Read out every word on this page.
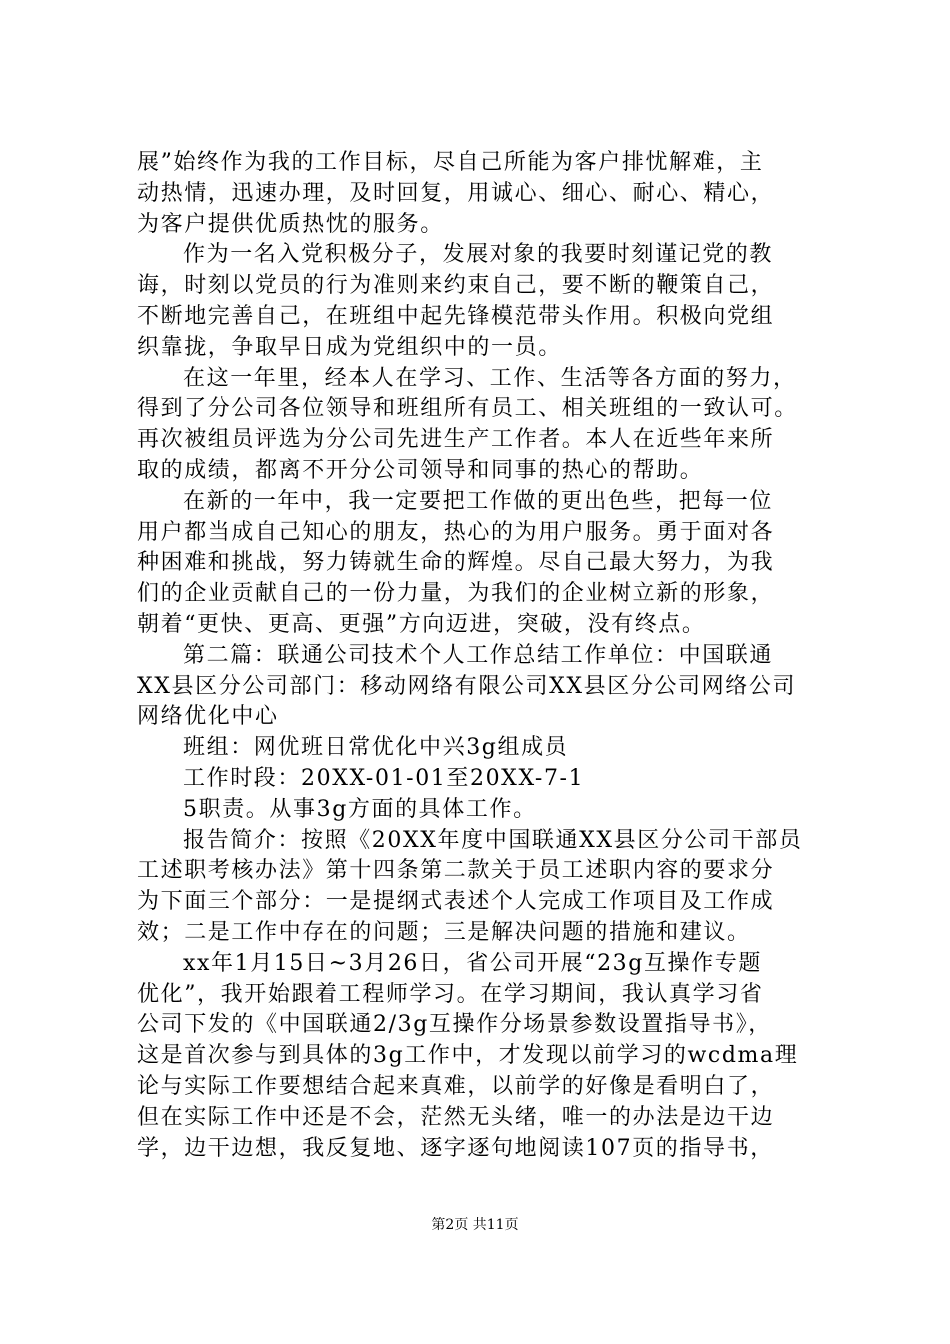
展”始终作为我的工作目标，尽自己所能为客户排忧解难，主
动热情，迅速办理，及时回复，用诚心、细心、耐心、精心，
为客户提供优质热忱的服务。
作为一名入党积极分子，发展对象的我要时刻谨记党的教
诲，时刻以党员的行为准则来约束自己，要不断的鞭策自己，
不断地完善自己，在班组中起先锋模范带头作用。积极向党组
织靠拢，争取早日成为党组织中的一员。
在这一年里，经本人在学习、工作、生活等各方面的努力，
得到了分公司各位领导和班组所有员工、相关班组的一致认可。
再次被组员评选为分公司先进生产工作者。本人在近些年来所
取的成绩，都离不开分公司领导和同事的热心的帮助。
在新的一年中，我一定要把工作做的更出色些，把每一位
用户都当成自己知心的朋友，热心的为用户服务。勇于面对各
种困难和挑战，努力铸就生命的辉煌。尽自己最大努力，为我
们的企业贡献自己的一份力量，为我们的企业树立新的形象，
朝着“更快、更高、更强”方向迈进，突破，没有终点。
第二篇：联通公司技术个人工作总结工作单位：中国联通
XX县区分公司部门：移动网络有限公司XX县区分公司网络公司
网络优化中心
班组：网优班日常优化中兴3g组成员
工作时段：20XX-01-01至20XX-7-1
5职责。从事3g方面的具体工作。
报告简介：按照《20XX年度中国联通XX县区分公司干部员
工述职考核办法》第十四条第二款关于员工述职内容的要求分
为下面三个部分：一是提纲式表述个人完成工作项目及工作成
效；二是工作中存在的问题；三是解决问题的措施和建议。
xx年1月15日~3月26日，省公司开展“23g互操作专题
优化”，我开始跟着工程师学习。在学习期间，我认真学习省
公司下发的《中国联通2/3g互操作分场景参数设置指导书》，
这是首次参与到具体的3g工作中，才发现以前学习的wcdma理
论与实际工作要想结合起来真难，以前学的好像是看明白了，
但在实际工作中还是不会，茫然无头绪，唯一的办法是边干边
学，边干边想，我反复地、逐字逐句地阅读107页的指导书，
第2页 共11页
